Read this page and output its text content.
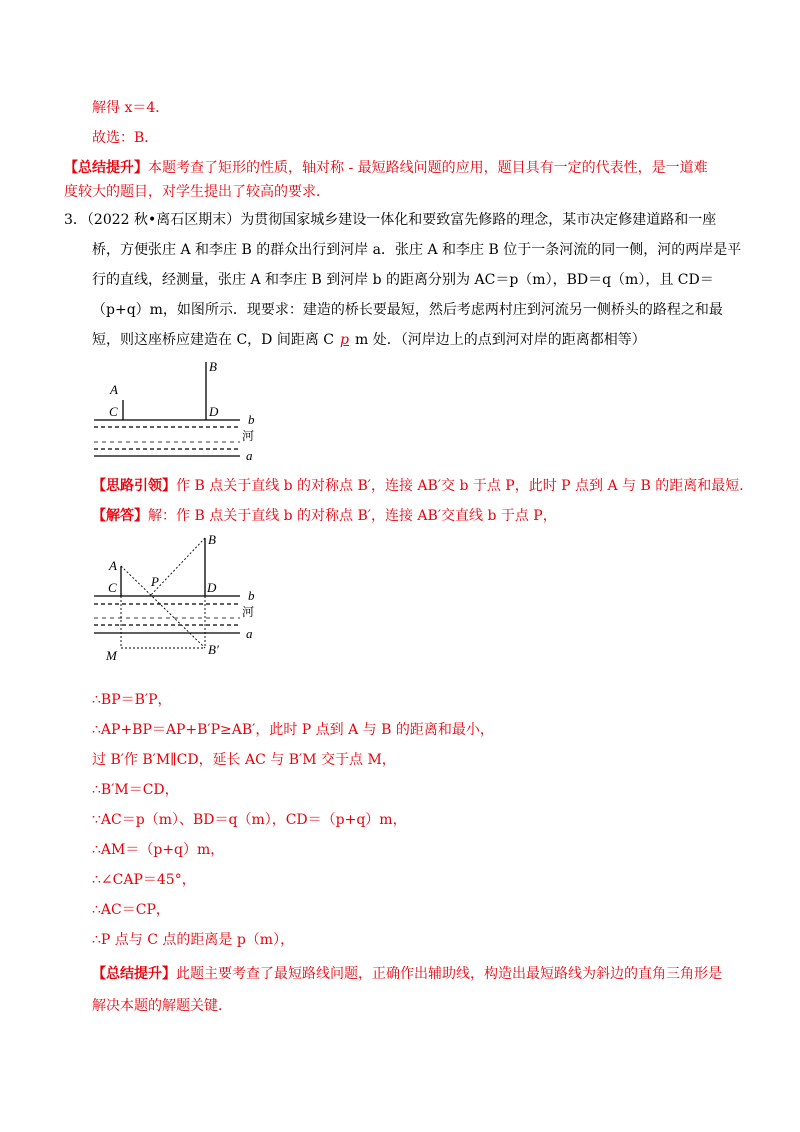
解得 x＝4．
故选：B．
【总结提升】本题考查了矩形的性质，轴对称 - 最短路线问题的应用，题目具有一定的代表性，是一道难
度较大的题目，对学生提出了较高的要求．
3．（2022 秋•离石区期末）为贯彻国家城乡建设一体化和要致富先修路的理念，某市决定修建道路和一座
桥，方便张庄 A 和李庄 B 的群众出行到河岸 a．张庄 A 和李庄 B 位于一条河流的同一侧，河的两岸是平
行的直线，经测量，张庄 A 和李庄 B 到河岸 b 的距离分别为 AC＝p（m），BD＝q（m），且 CD＝
（p+q）m，如图所示．现要求：建造的桥长要最短，然后考虑两村庄到河流另一侧桥头的路程之和最
短，则这座桥应建造在 C，D 间距离 C p m 处．（河岸边上的点到河对岸的距离都相等）
A
B
C	D
b
河
a
【思路引领】作 B 点关于直线 b 的对称点 B′，连接 AB′交 b 于点 P，此时 P 点到 A 与 B 的距离和最短．
【解答】解：作 B 点关于直线 b 的对称点 B′，连接 AB′交直线 b 于点 P，
A
B
C	P	D
b
河
a
M	B′
∴BP＝B′P，
∴AP+BP＝AP+B′P≥AB′，此时 P 点到 A 与 B 的距离和最小，
过 B′作 B′M∥CD，延长 AC 与 B′M 交于点 M，
∴B′M＝CD，
∵AC＝p（m）、BD＝q（m），CD＝（p+q）m，
∴AM＝（p+q）m，
∴∠CAP＝45°，
∴AC＝CP，
∴P 点与 C 点的距离是 p（m），
【总结提升】此题主要考查了最短路线问题，正确作出辅助线，构造出最短路线为斜边的直角三角形是
解决本题的解题关键．
